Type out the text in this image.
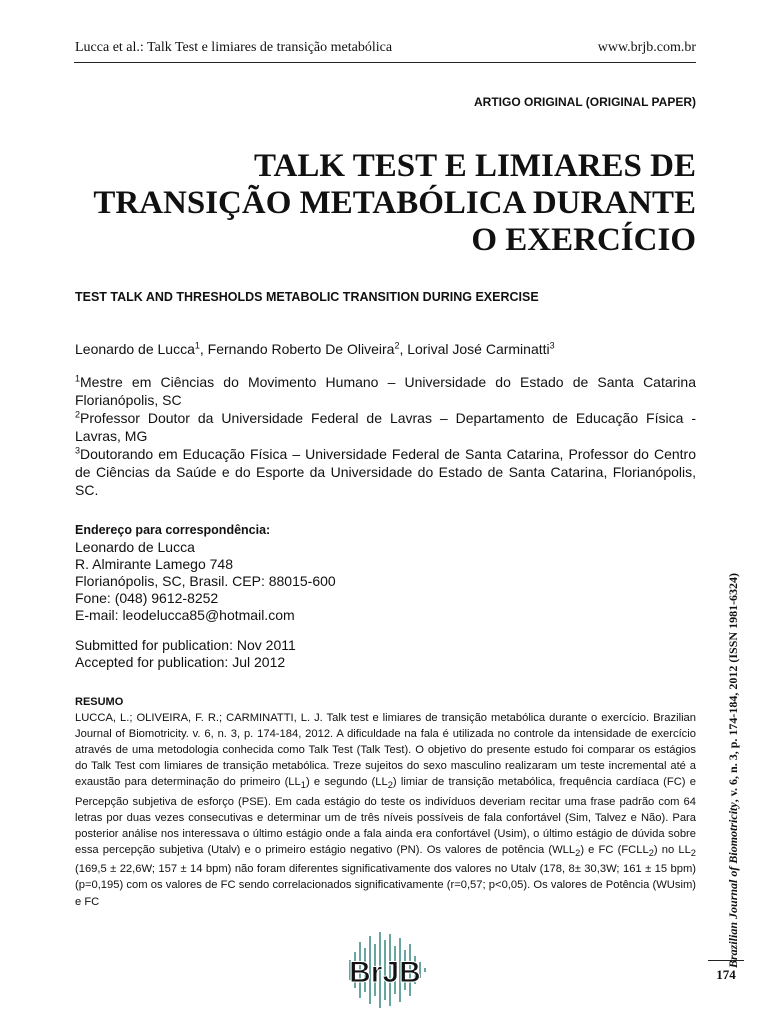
Lucca et al.: Talk Test e limiares de transição metabólica	www.brjb.com.br
ARTIGO ORIGINAL (ORIGINAL PAPER)
TALK TEST E LIMIARES DE
TRANSIÇÃO METABÓLICA DURANTE
O EXERCÍCIO
TEST TALK AND THRESHOLDS METABOLIC TRANSITION DURING EXERCISE
Leonardo de Lucca$^1$, Fernando Roberto De Oliveira$^2$, Lorival José Carminatti$^3$

$^1$Mestre em Ciências do Movimento Humano – Universidade do Estado de Santa Catarina Florianópolis, SC

$^2$Professor Doutor da Universidade Federal de Lavras – Departamento de Educação Física - Lavras, MG

$^3$Doutorando em Educação Física – Universidade Federal de Santa Catarina, Professor do Centro de Ciências da Saúde e do Esporte da Universidade do Estado de Santa Catarina, Florianópolis, SC.

Endereço para correspondência:
Leonardo de Lucca
R. Almirante Lamego 748
Florianópolis, SC, Brasil. CEP: 88015-600
Fone: (048) 9612-8252
E-mail: leodelucca85@hotmail.com
Submitted for publication: Nov 2011
Accepted for publication: Jul 2012
RESUMO
LUCCA, L.; OLIVEIRA, F. R.; CARMINATTI, L. J. Talk test e limiares de transição metabólica durante o exercício. Brazilian Journal of Biomotricity. v. 6, n. 3, p. 174-184, 2012. A dificuldade na fala é utilizada no controle da intensidade de exercício através de uma metodologia conhecida como Talk Test (Talk Test). O objetivo do presente estudo foi comparar os estágios do Talk Test com limiares de transição metabólica. Treze sujeitos do sexo masculino realizaram um teste incremental até a exaustão para determinação do primeiro $(LL_1)$ e segundo $(LL_2)$ limiar de transição metabólica, frequência cardíaca (FC) e Percepção subjetiva de esforço (PSE). Em cada estágio do teste os indivíduos deveriam recitar uma frase padrão com 64 letras por duas vezes consecutivas e determinar um de três níveis possíveis de fala confortável (Sim, Talvez e Não). Para posterior análise nos interessava o último estágio onde a fala ainda era confortável (Usim), o último estágio de dúvida sobre essa percepção subjetiva (Utalv) e o primeiro estágio negativo (PN). Os valores de potência $(WLL_2)$ e FC $(FCLL_2)$ no $LL_2$ (169,5 ± 22,6W; 157 ± 14 bpm) não foram diferentes significativamente dos valores no Utalv (178, 8± 30,3W; 161 ± 15 bpm) (p=0,195) com os valores de FC sendo correlacionados significativamente (r=0,57; p<0,05). Os valores de Potência (WUsim) e FC	Brazilian Journal of Biomotricity, v. 6, n. 3, p. 174-184, 2012 (ISSN 1981-6324)
174
BrJB
